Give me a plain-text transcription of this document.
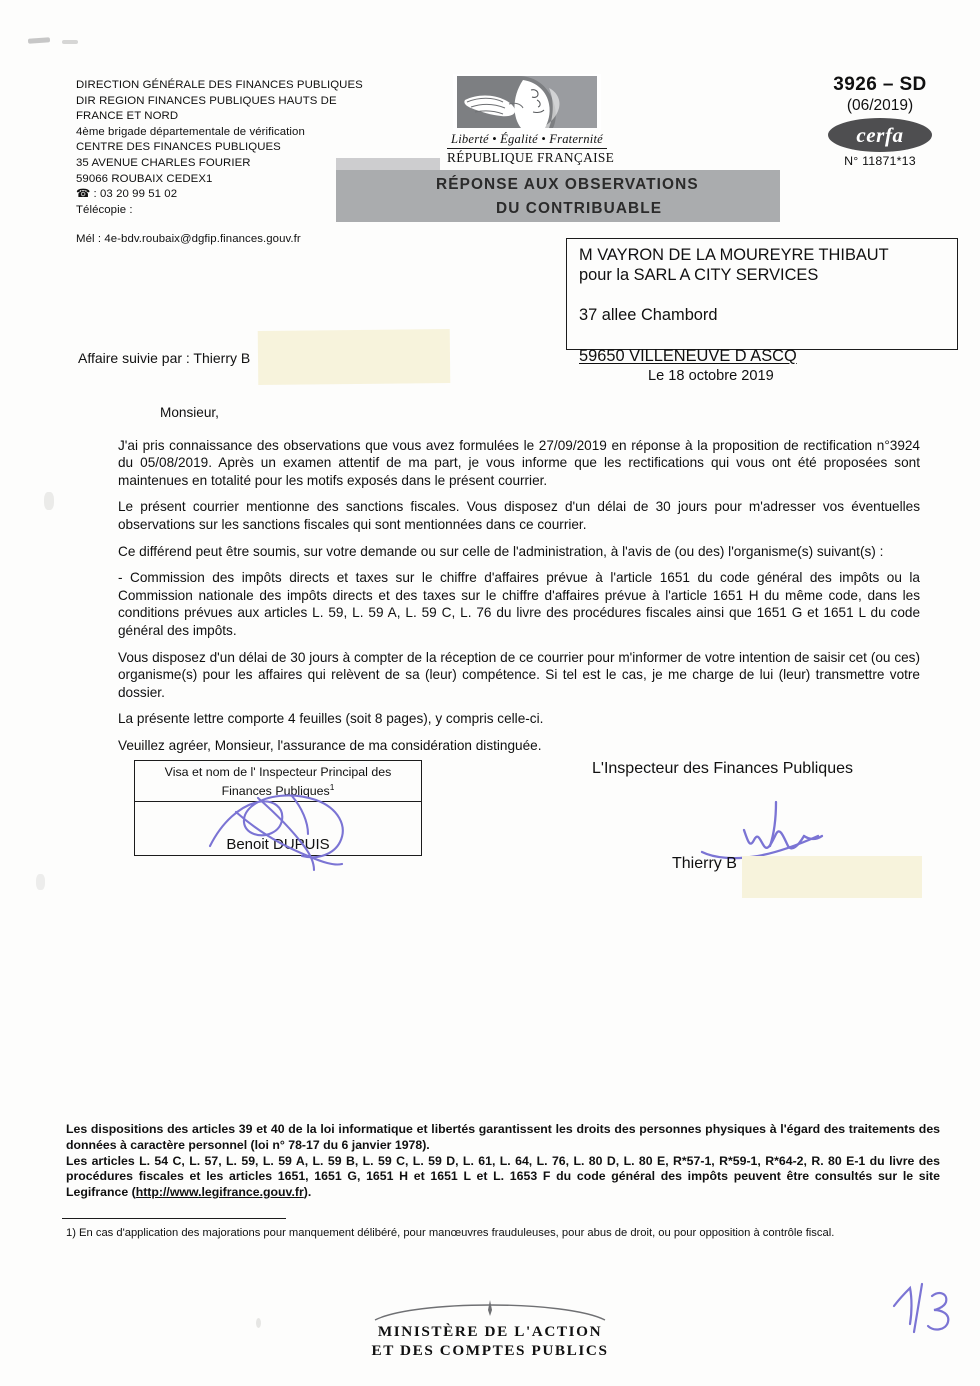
DIRECTION GÉNÉRALE DES FINANCES PUBLIQUES
DIR REGION FINANCES PUBLIQUES HAUTS DE
FRANCE ET NORD
4ème brigade départementale de vérification
CENTRE DES FINANCES PUBLIQUES
35 AVENUE CHARLES FOURIER
59066 ROUBAIX CEDEX1
☎ : 03 20 99 51 02
Télécopie :
Mél : 4e-bdv.roubaix@dgfip.finances.gouv.fr
Liberté • Égalité • Fraternité
RÉPUBLIQUE FRANÇAISE
3926 – SD
(06/2019)
cerfa
N° 11871*13
RÉPONSE AUX OBSERVATIONS
DU CONTRIBUABLE
M VAYRON DE LA MOUREYRE THIBAUT
pour la SARL A CITY SERVICES
37 allee Chambord
59650 VILLENEUVE D ASCQ
Le 18 octobre 2019
Affaire suivie par : Thierry B
Monsieur,

J'ai pris connaissance des observations que vous avez formulées le 27/09/2019 en réponse à la proposition de rectification n°3924 du 05/08/2019. Après un examen attentif de ma part, je vous informe que les rectifications qui vous ont été proposées sont maintenues en totalité pour les motifs exposés dans le présent courrier.

Le présent courrier mentionne des sanctions fiscales. Vous disposez d'un délai de 30 jours pour m'adresser vos éventuelles observations sur les sanctions fiscales qui sont mentionnées dans ce courrier.

Ce différend peut être soumis, sur votre demande ou sur celle de l'administration, à l'avis de (ou des) l'organisme(s) suivant(s) :

- Commission des impôts directs et taxes sur le chiffre d'affaires prévue à l'article 1651 du code général des impôts ou la Commission nationale des impôts directs et des taxes sur le chiffre d'affaires prévue à l'article 1651 H du même code, dans les conditions prévues aux articles L. 59, L. 59 A, L. 59 C, L. 76 du livre des procédures fiscales ainsi que 1651 G et 1651 L du code général des impôts.

Vous disposez d'un délai de 30 jours à compter de la réception de ce courrier pour m'informer de votre intention de saisir cet (ou ces) organisme(s) pour les affaires qui relèvent de sa (leur) compétence. Si tel est le cas, je me charge de lui (leur) transmettre votre dossier.

La présente lettre comporte 4 feuilles (soit 8 pages), y compris celle-ci.

Veuillez agréer, Monsieur, l'assurance de ma considération distinguée.

Visa et nom de l' Inspecteur Principal des
Finances Publiques$^1$
Benoit DUPUIS
L'Inspecteur des Finances Publiques
Thierry B

Les dispositions des articles 39 et 40 de la loi informatique et libertés garantissent les droits des personnes physiques à l'égard des traitements des données à caractère personnel (loi n° 78-17 du 6 janvier 1978).

Les articles L. 54 C, L. 57, L. 59, L. 59 A, L. 59 B, L. 59 C, L. 59 D, L. 61, L. 64, L. 76, L. 80 D, L. 80 E, R*57-1, R*59-1, R*64-2, R. 80 E-1 du livre des procédures fiscales et les articles 1651, 1651 G, 1651 H et 1651 L et L. 1653 F du code général des impôts peuvent être consultés sur le site Legifrance (http://www.legifrance.gouv.fr).

1) En cas d'application des majorations pour manquement délibéré, pour manœuvres frauduleuses, pour abus de droit, ou pour opposition à contrôle fiscal.
MINISTÈRE DE L'ACTION
ET DES COMPTES PUBLICS
